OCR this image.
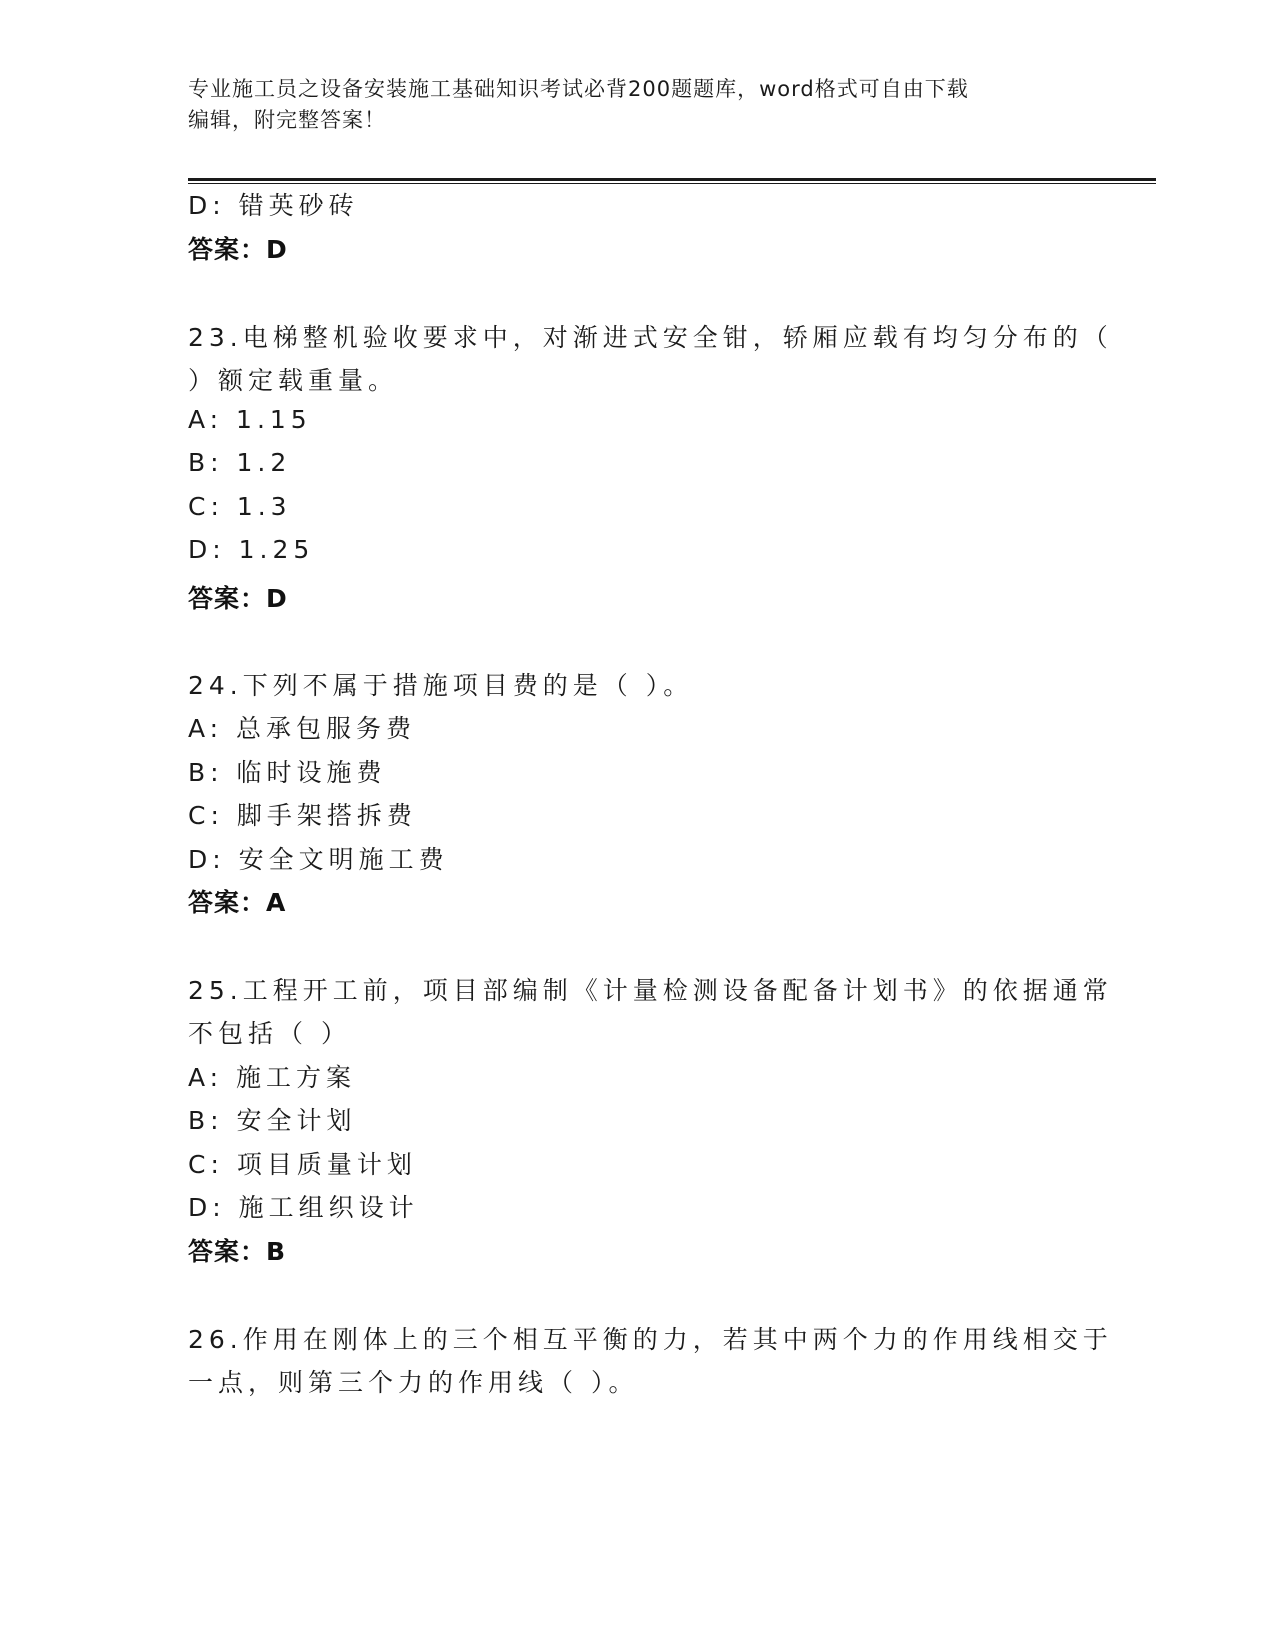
专业施工员之设备安装施工基础知识考试必背200题题库，word格式可自由下载
编辑，附完整答案！
D: 错英砂砖
答案：D
23.电梯整机验收要求中，对渐进式安全钳，轿厢应载有均匀分布的（
）额定载重量。
A: 1.15
B: 1.2
C: 1.3
D: 1.25
答案：D
24.下列不属于措施项目费的是（ ）。
A: 总承包服务费
B: 临时设施费
C: 脚手架搭拆费
D: 安全文明施工费
答案：A
25.工程开工前，项目部编制《计量检测设备配备计划书》的依据通常
不包括（ ）
A: 施工方案
B: 安全计划
C: 项目质量计划
D: 施工组织设计
答案：B
26.作用在刚体上的三个相互平衡的力，若其中两个力的作用线相交于
一点，则第三个力的作用线（ ）。
